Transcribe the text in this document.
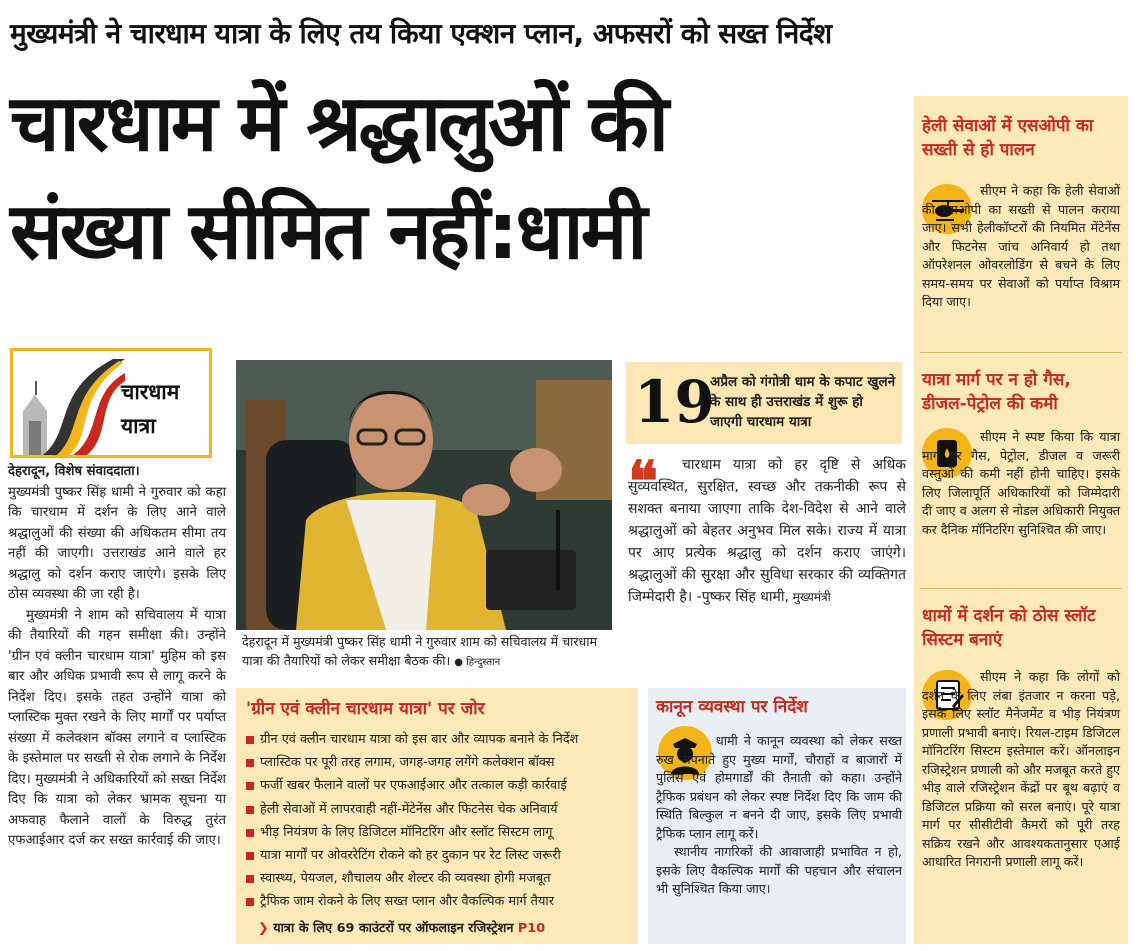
मुख्यमंत्री ने चारधाम यात्रा के लिए तय किया एक्शन प्लान, अफसरों को सख्त निर्देश
चारधाम में श्रद्धालुओं की
संख्या सीमित नहीं:धामी
चारधाम यात्रा

देहरादून, विशेष संवाददाता।

मुख्यमंत्री पुष्कर सिंह धामी ने गुरुवार को कहा कि चारधाम में दर्शन के लिए आने वाले श्रद्धालुओं की संख्या की अधिकतम सीमा तय नहीं की जाएगी। उत्तराखंड आने वाले हर श्रद्धालु को दर्शन कराए जाएंगे। इसके लिए ठोस व्यवस्था की जा रही है।

मुख्यमंत्री ने शाम को सचिवालय में यात्रा की तैयारियों की गहन समीक्षा की। उन्होंने 'ग्रीन एवं क्लीन चारधाम यात्रा' मुहिम को इस बार और अधिक प्रभावी रूप से लागू करने के निर्देश दिए। इसके तहत उन्होंने यात्रा को प्लास्टिक मुक्त रखने के लिए मार्गों पर पर्याप्त संख्या में कलेक्शन बॉक्स लगाने व प्लास्टिक के इस्तेमाल पर सख्ती से रोक लगाने के निर्देश दिए। मुख्यमंत्री ने अधिकारियों को सख्त निर्देश दिए कि यात्रा को लेकर भ्रामक सूचना या अफवाह फैलाने वालों के विरुद्ध तुरंत एफआईआर दर्ज कर सख्त कार्रवाई की जाए।

देहरादून में मुख्यमंत्री पुष्कर सिंह धामी ने गुरुवार शाम को सचिवालय में चारधाम यात्रा की तैयारियों को लेकर समीक्षा बैठक की। ● हिन्दुस्तान
19
अप्रैल को गंगोत्री धाम के कपाट खुलने के साथ ही उत्तराखंड में शुरू हो जाएगी चारधाम यात्रा
❝	चारधाम यात्रा को हर दृष्टि से अधिक सुव्यवस्थित, सुरक्षित, स्वच्छ और तकनीकी रूप से सशक्त बनाया जाएगा ताकि देश-विदेश से आने वाले श्रद्धालुओं को बेहतर अनुभव मिल सके। राज्य में यात्रा पर आए प्रत्येक श्रद्धालु को दर्शन कराए जाएंगे। श्रद्धालुओं की सुरक्षा और सुविधा सरकार की व्यक्तिगत जिम्मेदारी है। -पुष्कर सिंह धामी, मुख्यमंत्री
हेली सेवाओं में एसओपी का सख्ती से हो पालन
सीएम ने कहा कि हेली सेवाओं की एसओपी का सख्ती से पालन कराया जाए। सभी हेलीकॉप्टरों की नियमित मेंटेनेंस और फिटनेस जांच अनिवार्य हो तथा ऑपरेशनल ओवरलोडिंग से बचने के लिए समय-समय पर सेवाओं को पर्याप्त विश्राम दिया जाए।
यात्रा मार्ग पर न हो गैस, डीजल-पेट्रोल की कमी
सीएम ने स्पष्ट किया कि यात्रा मार्ग पर गैस, पेट्रोल, डीजल व जरूरी वस्तुओं की कमी नहीं होनी चाहिए। इसके लिए जिलापूर्ति अधिकारियों को जिम्मेदारी दी जाए व अलग से नोडल अधिकारी नियुक्त कर दैनिक मॉनिटरिंग सुनिश्चित की जाए।
धामों में दर्शन को ठोस स्लॉट सिस्टम बनाएं
सीएम ने कहा कि लोगों को दर्शन के लिए लंबा इंतजार न करना पड़े, इसके लिए स्लॉट मैनेजमेंट व भीड़ नियंत्रण प्रणाली प्रभावी बनाएं। रियल-टाइम डिजिटल मॉनिटरिंग सिस्टम इस्तेमाल करें। ऑनलाइन रजिस्ट्रेशन प्रणाली को और मजबूत करते हुए भीड़ वाले रजिस्ट्रेशन केंद्रों पर बूथ बढ़ाएं व डिजिटल प्रक्रिया को सरल बनाएं। पूरे यात्रा मार्ग पर सीसीटीवी कैमरों को पूरी तरह सक्रिय रखने और आवश्यकतानुसार एआई आधारित निगरानी प्रणाली लागू करें।
'ग्रीन एवं क्लीन चारधाम यात्रा' पर जोर
ग्रीन एवं क्लीन चारधाम यात्रा को इस बार और व्यापक बनाने के निर्देश
प्लास्टिक पर पूरी तरह लगाम, जगह-जगह लगेंगे कलेक्शन बॉक्स
फर्जी खबर फैलाने वालों पर एफआईआर और तत्काल कड़ी कार्रवाई
हेली सेवाओं में लापरवाही नहीं-मेंटेनेंस और फिटनेस चेक अनिवार्य
भीड़ नियंत्रण के लिए डिजिटल मॉनिटरिंग और स्लॉट सिस्टम लागू
यात्रा मार्गों पर ओवररेटिंग रोकने को हर दुकान पर रेट लिस्ट जरूरी
स्वास्थ्य, पेयजल, शौचालय और शेल्टर की व्यवस्था होगी मजबूत
ट्रैफिक जाम रोकने के लिए सख्त प्लान और वैकल्पिक मार्ग तैयार
❯ यात्रा के लिए 69 काउंटरों पर ऑफलाइन रजिस्ट्रेशन P10
कानून व्यवस्था पर निर्देश
धामी ने कानून व्यवस्था को लेकर सख्त रुख अपनाते हुए मुख्य मार्गों, चौराहों व बाजारों में पुलिस एवं होमगार्डों की तैनाती को कहा। उन्होंने ट्रैफिक प्रबंधन को लेकर स्पष्ट निर्देश दिए कि जाम की स्थिति बिल्कुल न बनने दी जाए, इसके लिए प्रभावी ट्रैफिक प्लान लागू करें।
स्थानीय नागरिकों की आवाजाही प्रभावित न हो, इसके लिए वैकल्पिक मार्गों की पहचान और संचालन भी सुनिश्चित किया जाए।
